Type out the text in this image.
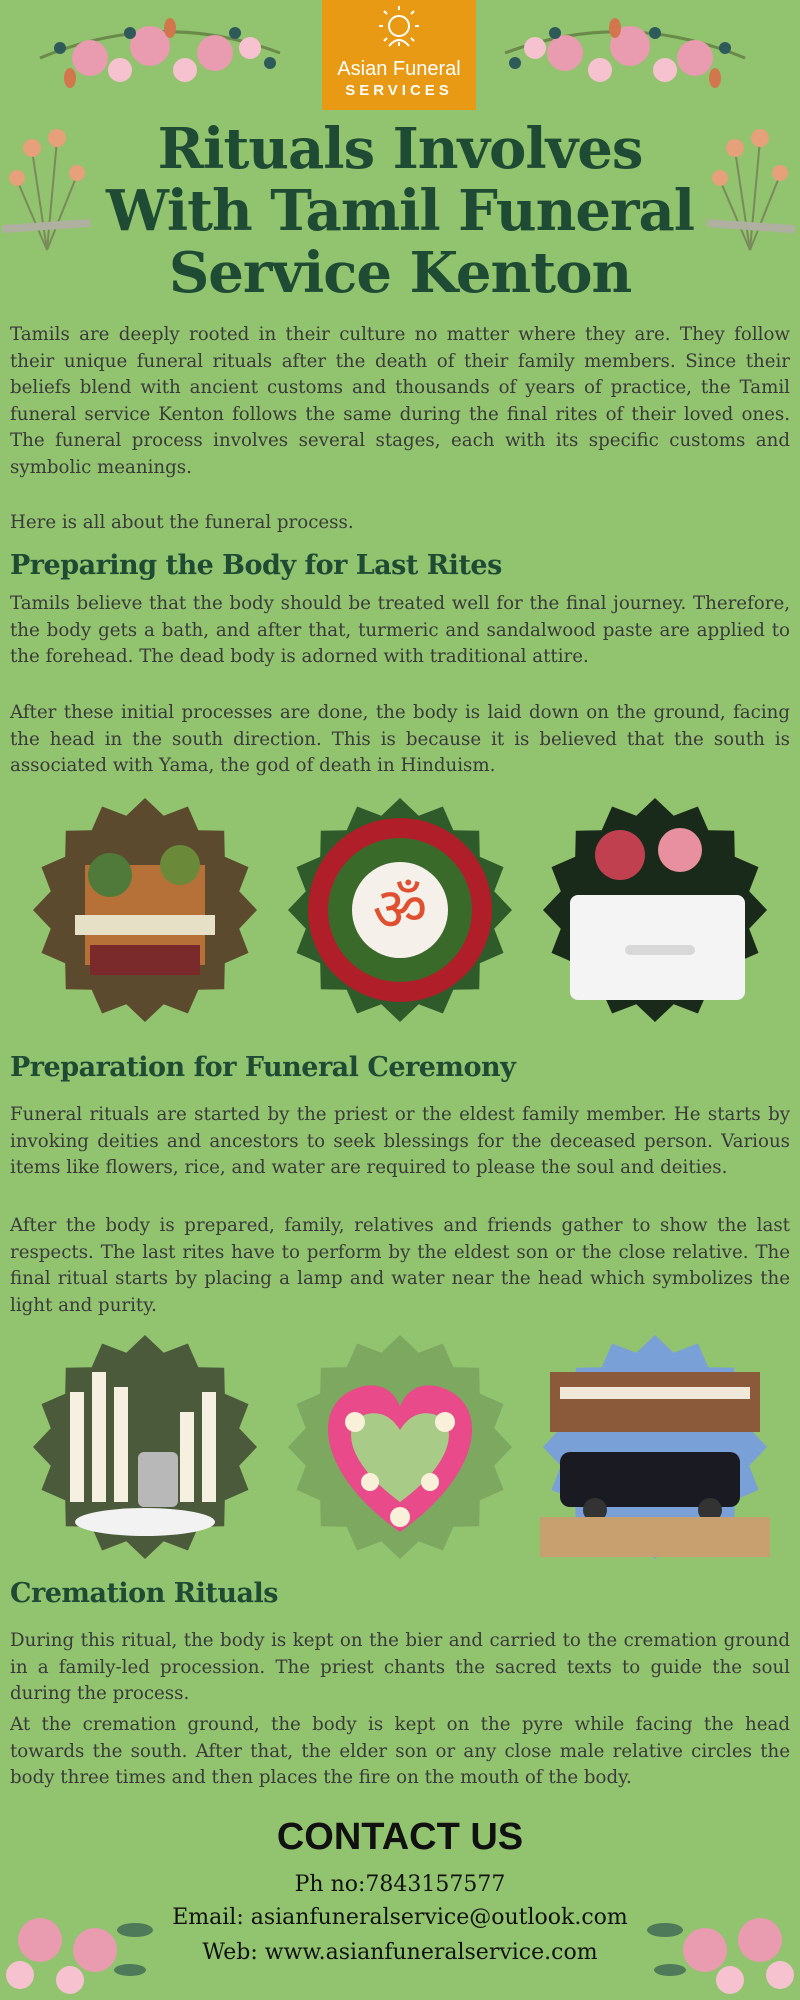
Asian Funeral
SERVICES
Rituals Involves With Tamil Funeral Service Kenton

Tamils are deeply rooted in their culture no matter where they are. They follow their unique funeral rituals after the death of their family members. Since their beliefs blend with ancient customs and thousands of years of practice, the Tamil funeral service Kenton follows the same during the final rites of their loved ones. The funeral process involves several stages, each with its specific customs and symbolic meanings.

Here is all about the funeral process.

Preparing the Body for Last Rites

Tamils believe that the body should be treated well for the final journey. Therefore, the body gets a bath, and after that, turmeric and sandalwood paste are applied to the forehead. The dead body is adorned with traditional attire.

After these initial processes are done, the body is laid down on the ground, facing the head in the south direction. This is because it is believed that the south is associated with Yama, the god of death in Hinduism.

ॐ
Preparation for Funeral Ceremony

Funeral rituals are started by the priest or the eldest family member. He starts by invoking deities and ancestors to seek blessings for the deceased person. Various items like flowers, rice, and water are required to please the soul and deities.

After the body is prepared, family, relatives and friends gather to show the last respects. The last rites have to perform by the eldest son or the close relative. The final ritual starts by placing a lamp and water near the head which symbolizes the light and purity.

Cremation Rituals

During this ritual, the body is kept on the bier and carried to the cremation ground in a family-led procession. The priest chants the sacred texts to guide the soul during the process.

At the cremation ground, the body is kept on the pyre while facing the head towards the south. After that, the elder son or any close male relative circles the body three times and then places the fire on the mouth of the body.

CONTACT US

Ph no:7843157577

Email: asianfuneralservice@outlook.com

Web: www.asianfuneralservice.com
